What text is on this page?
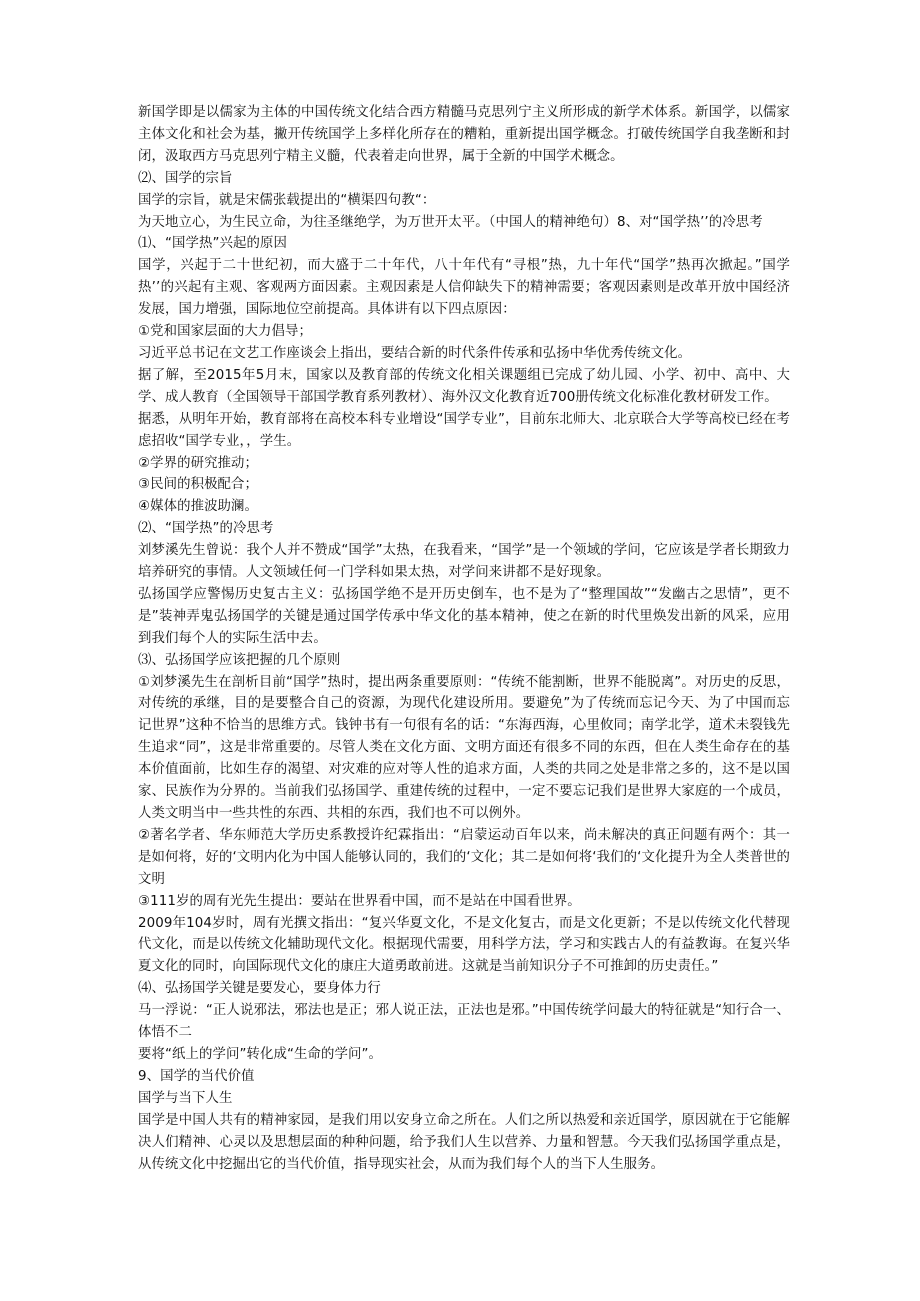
新国学即是以儒家为主体的中国传统文化结合西方精髓马克思列宁主义所形成的新学术体系。新国学，以儒家主体文化和社会为基，撇开传统国学上多样化所存在的糟粕，重新提出国学概念。打破传统国学自我垄断和封闭，汲取西方马克思列宁精主义髓，代表着走向世界，属于全新的中国学术概念。

⑵、国学的宗旨

国学的宗旨，就是宋儒张载提出的“横渠四句教“：

为天地立心，为生民立命，为往圣继绝学，为万世开太平。（中国人的精神绝句）8、对“国学热’’的冷思考

⑴、“国学热”兴起的原因

国学，兴起于二十世纪初，而大盛于二十年代，八十年代有“寻根”热，九十年代“国学”热再次掀起。”国学热’’的兴起有主观、客观两方面因素。主观因素是人信仰缺失下的精神需要；客观因素则是改革开放中国经济发展，国力增强，国际地位空前提高。具体讲有以下四点原因：

①党和国家层面的大力倡导；

习近平总书记在文艺工作座谈会上指出，要结合新的时代条件传承和弘扬中华优秀传统文化。

据了解，至2015年5月末，国家以及教育部的传统文化相关课题组已完成了幼儿园、小学、初中、高中、大学、成人教育（全国领导干部国学教育系列教材）、海外汉文化教育近700册传统文化标准化教材研发工作。

据悉，从明年开始，教育部将在高校本科专业增设“国学专业”，目前东北师大、北京联合大学等高校已经在考虑招收“国学专业，，学生。

②学界的研究推动；

③民间的积极配合；

④媒体的推波助澜。

⑵、“国学热”的冷思考

刘梦溪先生曾说：我个人并不赞成“国学”太热，在我看来，“国学”是一个领域的学问，它应该是学者长期致力培养研究的事情。人文领域任何一门学科如果太热，对学问来讲都不是好现象。

弘扬国学应警惕历史复古主义：弘扬国学绝不是开历史倒车，也不是为了“整理国故”“发幽古之思情”，更不是”装神弄鬼弘扬国学的关键是通过国学传承中华文化的基本精神，使之在新的时代里焕发出新的风采，应用到我们每个人的实际生活中去。

⑶、弘扬国学应该把握的几个原则

①刘梦溪先生在剖析目前“国学”热时，提出两条重要原则：“传统不能割断，世界不能脱离”。对历史的反思，对传统的承继，目的是要整合自己的资源，为现代化建设所用。要避免”为了传统而忘记今天、为了中国而忘记世界”这种不恰当的思维方式。钱钟书有一句很有名的话：“东海西海，心里攸同；南学北学，道术未裂钱先生追求“同”，这是非常重要的。尽管人类在文化方面、文明方面还有很多不同的东西，但在人类生命存在的基本价值面前，比如生存的渴望、对灾难的应对等人性的追求方面，人类的共同之处是非常之多的，这不是以国家、民族作为分界的。当前我们弘扬国学、重建传统的过程中，一定不要忘记我们是世界大家庭的一个成员，人类文明当中一些共性的东西、共相的东西，我们也不可以例外。

②著名学者、华东师范大学历史系教授许纪霖指出：“启蒙运动百年以来，尚未解决的真正问题有两个：其一是如何将，好的‘文明内化为中国人能够认同的，我们的‘文化；其二是如何将‘我们的‘文化提升为全人类普世的文明

③111岁的周有光先生提出：要站在世界看中国，而不是站在中国看世界。

2009年104岁时，周有光撰文指出：“复兴华夏文化，不是文化复古，而是文化更新；不是以传统文化代替现代文化，而是以传统文化辅助现代文化。根据现代需要，用科学方法，学习和实践古人的有益教诲。在复兴华夏文化的同时，向国际现代文化的康庄大道勇敢前进。这就是当前知识分子不可推卸的历史责任。”

⑷、弘扬国学关键是要发心，要身体力行

马一浮说：“正人说邪法，邪法也是正；邪人说正法，正法也是邪。”中国传统学问最大的特征就是“知行合一、体悟不二

要将“纸上的学问”转化成“生命的学问”。

9、国学的当代价值

国学与当下人生

国学是中国人共有的精神家园，是我们用以安身立命之所在。人们之所以热爱和亲近国学，原因就在于它能解决人们精神、心灵以及思想层面的种种问题，给予我们人生以营养、力量和智慧。今天我们弘扬国学重点是，从传统文化中挖掘出它的当代价值，指导现实社会，从而为我们每个人的当下人生服务。
